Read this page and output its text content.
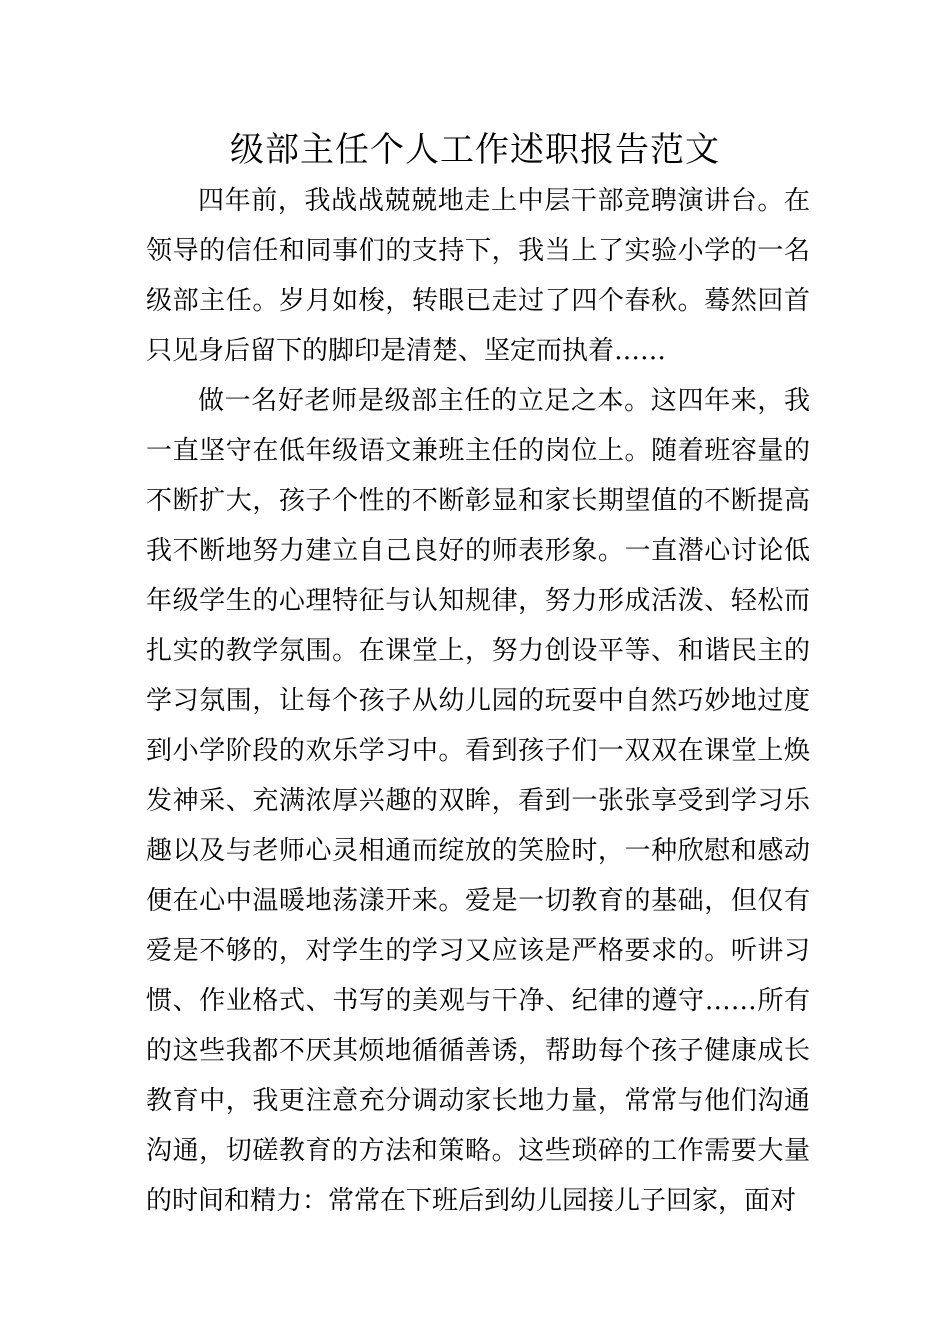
级部主任个人工作述职报告范文

四年前，我战战兢兢地走上中层干部竞聘演讲台。在领导的信任和同事们的支持下，我当上了实验小学的一名级部主任。岁月如梭，转眼已走过了四个春秋。蓦然回首只见身后留下的脚印是清楚、坚定而执着……

做一名好老师是级部主任的立足之本。这四年来，我一直坚守在低年级语文兼班主任的岗位上。随着班容量的不断扩大，孩子个性的不断彰显和家长期望值的不断提高我不断地努力建立自己良好的师表形象。一直潜心讨论低年级学生的心理特征与认知规律，努力形成活泼、轻松而扎实的教学氛围。在课堂上，努力创设平等、和谐民主的学习氛围，让每个孩子从幼儿园的玩耍中自然巧妙地过度到小学阶段的欢乐学习中。看到孩子们一双双在课堂上焕发神采、充满浓厚兴趣的双眸，看到一张张享受到学习乐趣以及与老师心灵相通而绽放的笑脸时，一种欣慰和感动便在心中温暖地荡漾开来。爱是一切教育的基础，但仅有爱是不够的，对学生的学习又应该是严格要求的。听讲习惯、作业格式、书写的美观与干净、纪律的遵守……所有的这些我都不厌其烦地循循善诱，帮助每个孩子健康成长教育中，我更注意充分调动家长地力量，常常与他们沟通沟通，切磋教育的方法和策略。这些琐碎的工作需要大量的时间和精力：常常在下班后到幼儿园接儿子回家，面对
